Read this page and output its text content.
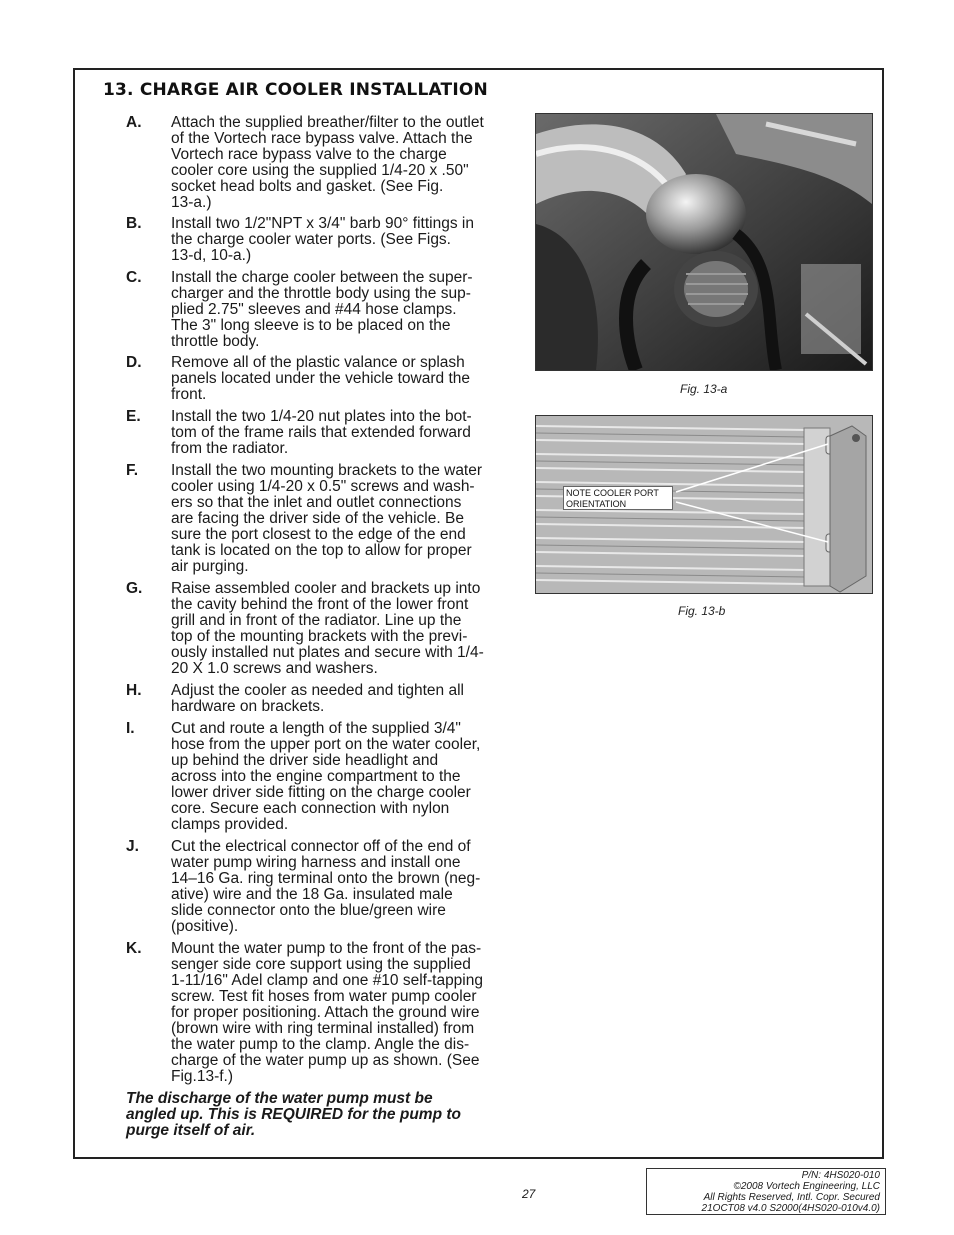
13. CHARGE AIR COOLER INSTALLATION
A. Attach the supplied breather/filter to the outlet
of the Vortech race bypass valve. Attach the
Vortech race bypass valve to the charge
cooler core using the supplied 1/4-20 x .50"
socket head bolts and gasket. (See Fig.
13-a.)
B. Install two 1/2"NPT x 3/4" barb 90° fittings in
the charge cooler water ports. (See Figs.
13-d, 10-a.)
C. Install the charge cooler between the super-
charger and the throttle body using the sup-
plied 2.75" sleeves and #44 hose clamps.
The 3" long sleeve is to be placed on the
throttle body.
D. Remove all of the plastic valance or splash
panels located under the vehicle toward the
front.
E. Install the two 1/4-20 nut plates into the bot-
tom of the frame rails that extended forward
from the radiator.
F. Install the two mounting brackets to the water
cooler using 1/4-20 x 0.5" screws and wash-
ers so that the inlet and outlet connections
are facing the driver side of the vehicle. Be
sure the port closest to the edge of the end
tank is located on the top to allow for proper
air purging.
G. Raise assembled cooler and brackets up into
the cavity behind the front of the lower front
grill and in front of the radiator. Line up the
top of the mounting brackets with the previ-
ously installed nut plates and secure with 1/4-
20 X 1.0 screws and washers.
H. Adjust the cooler as needed and tighten all
hardware on brackets.
I. Cut and route a length of the supplied 3/4"
hose from the upper port on the water cooler,
up behind the driver side headlight and
across into the engine compartment to the
lower driver side fitting on the charge cooler
core. Secure each connection with nylon
clamps provided.
J. Cut the electrical connector off of the end of
water pump wiring harness and install one
14–16 Ga. ring terminal onto the brown (neg-
ative) wire and the 18 Ga. insulated male
slide connector onto the blue/green wire
(positive).
K. Mount the water pump to the front of the pas-
senger side core support using the supplied
1-11/16" Adel clamp and one #10 self-tapping
screw. Test fit hoses from water pump cooler
for proper positioning. Attach the ground wire
(brown wire with ring terminal installed) from
the water pump to the clamp. Angle the dis-
charge of the water pump up as shown. (See
Fig.13-f.)

The discharge of the water pump must be
angled up. This is REQUIRED for the pump to
purge itself of air.

Fig. 13-a
NOTE COOLER PORT ORIENTATION
Fig. 13-b
27
P/N: 4HS020-010
©2008 Vortech Engineering, LLC
All Rights Reserved, Intl. Copr. Secured
21OCT08 v4.0 S2000(4HS020-010v4.0)
